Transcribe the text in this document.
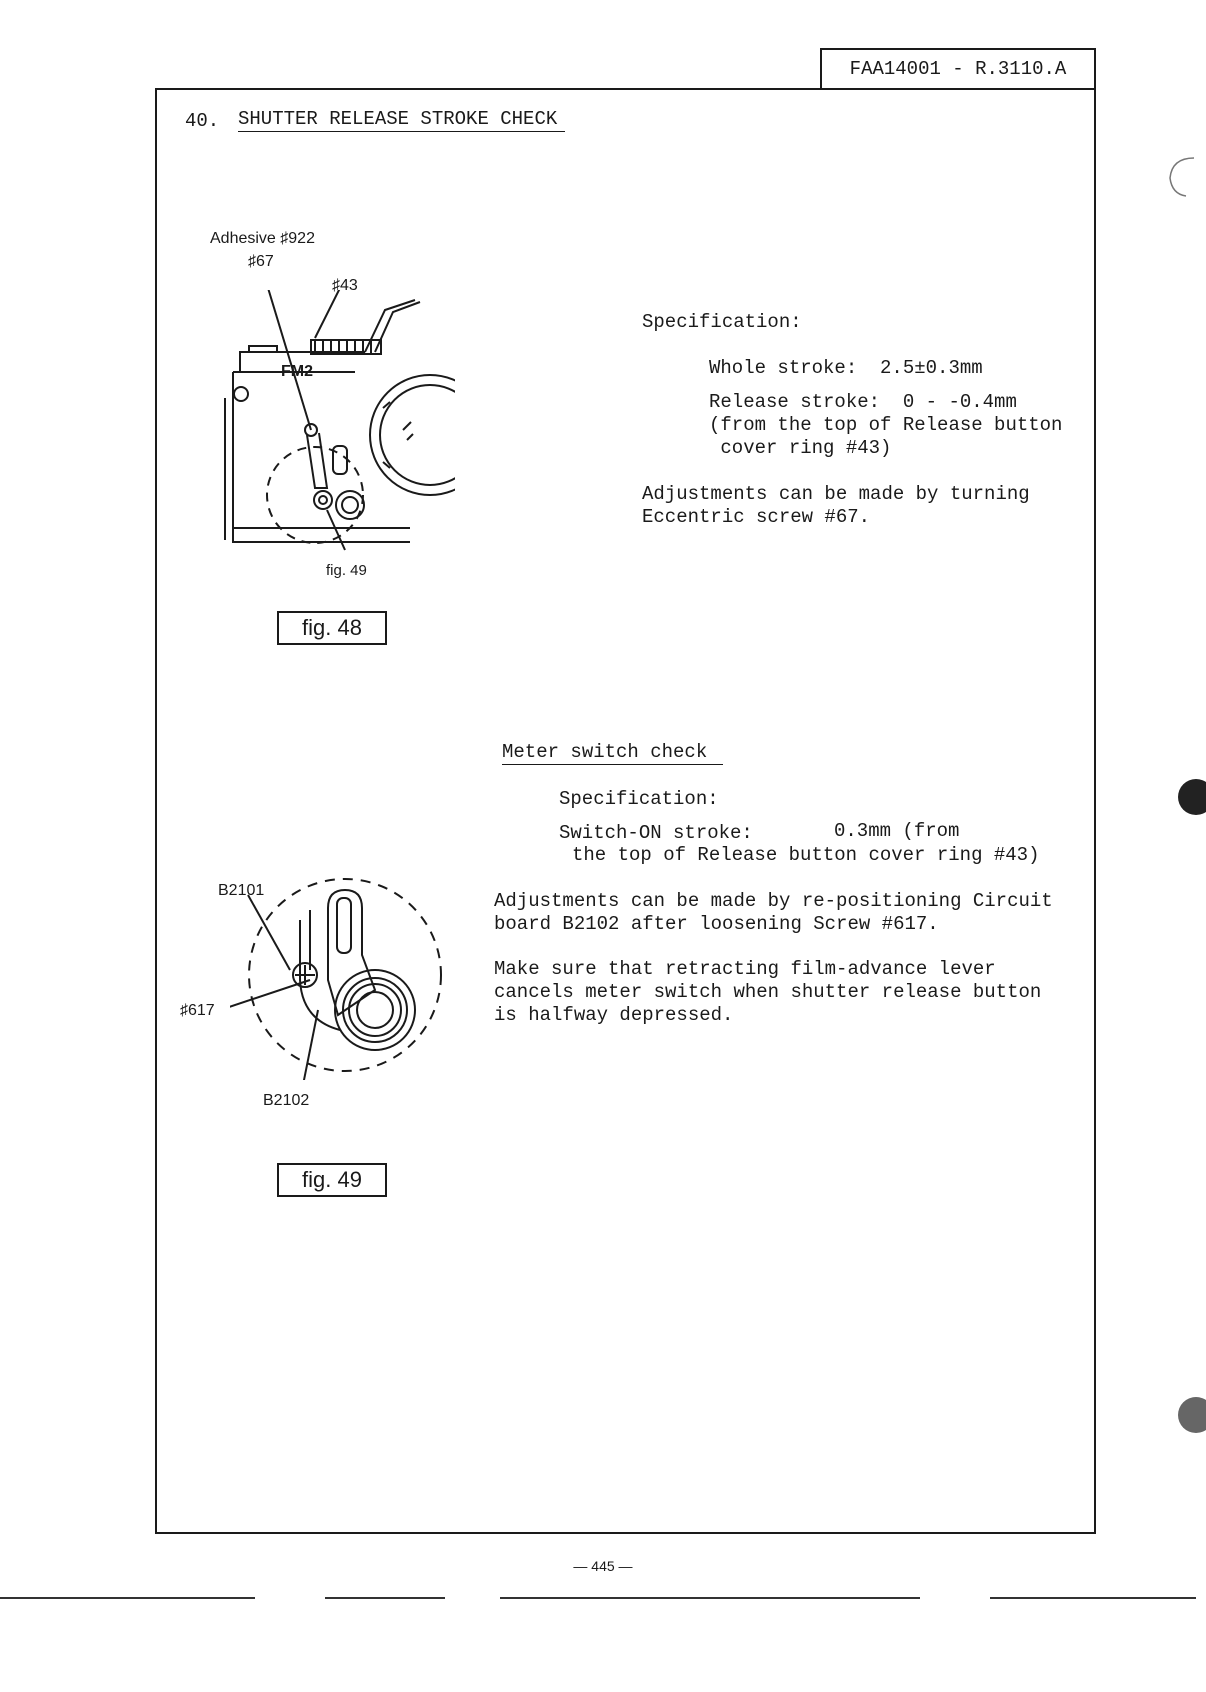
FAA14001 - R.3110.A
40. SHUTTER RELEASE STROKE CHECK
Adhesive ♯922
♯67
♯43
FM2
fig. 49
fig. 48
Specification:
Whole stroke:  2.5±0.3mm
Release stroke:  0 - -0.4mm
(from the top of Release button
cover ring #43)
Adjustments can be made by turning
Eccentric screw #67.
Meter switch check
Specification:
Switch-ON stroke:	0.3mm (from
the top of Release button cover ring #43)
Adjustments can be made by re-positioning Circuit
board B2102 after loosening Screw #617.
Make sure that retracting film-advance lever
cancels meter switch when shutter release button
is halfway depressed.
B2101
♯617
B2102
fig. 49
— 445 —
